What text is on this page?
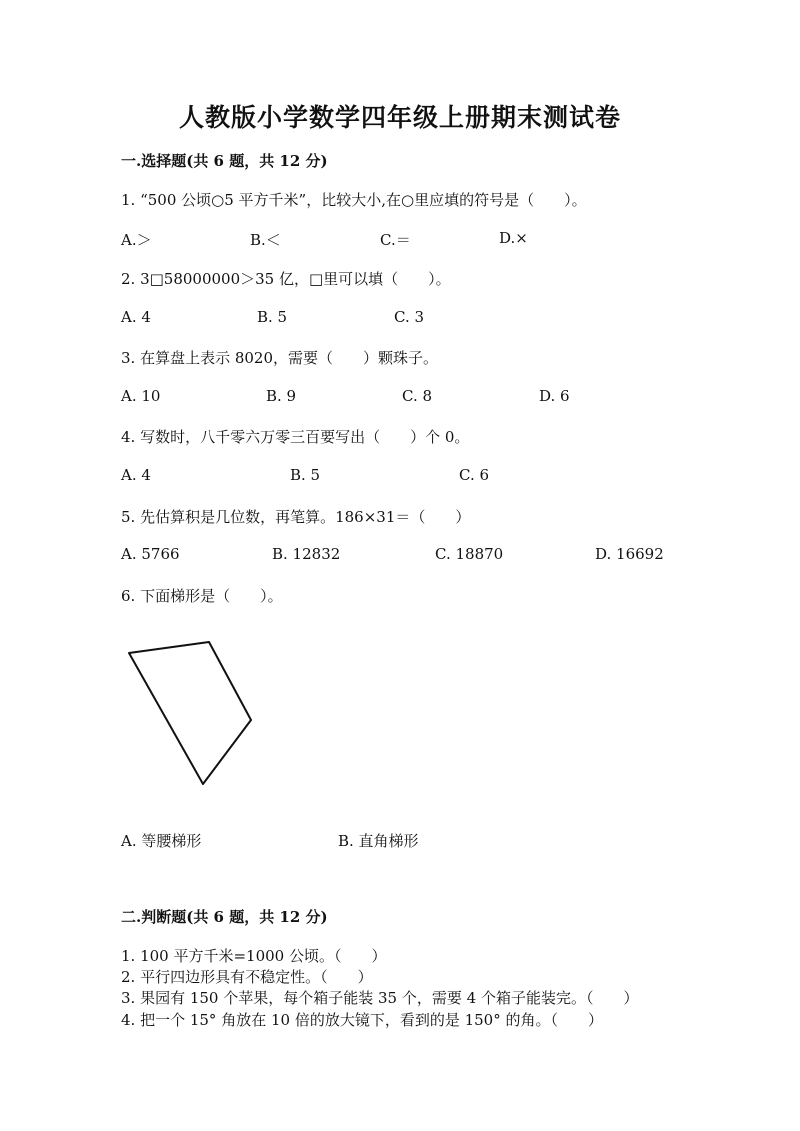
人教版小学数学四年级上册期末测试卷
一.选择题(共 6 题，共 12 分)
1. “500 公顷○5 平方千米”，比较大小,在○里应填的符号是（　　）。
A.＞	B.＜	C.＝	D.×
2. 3□58000000＞35 亿，□里可以填（　　）。
A. 4	B. 5	C. 3
3. 在算盘上表示 8020，需要（　　）颗珠子。
A. 10	B. 9	C. 8	D. 6
4. 写数时，八千零六万零三百要写出（　　）个 0。
A. 4	B. 5	C. 6
5. 先估算积是几位数，再笔算。186×31＝（　　）
A. 5766	B. 12832	C. 18870	D. 16692
6. 下面梯形是（　　）。
A. 等腰梯形	B. 直角梯形
二.判断题(共 6 题，共 12 分)
1. 100 平方千米=1000 公顷。（　　）
2. 平行四边形具有不稳定性。（　　）
3. 果园有 150 个苹果，每个箱子能装 35 个，需要 4 个箱子能装完。（　　）
4. 把一个 15° 角放在 10 倍的放大镜下，看到的是 150° 的角。（　　）
